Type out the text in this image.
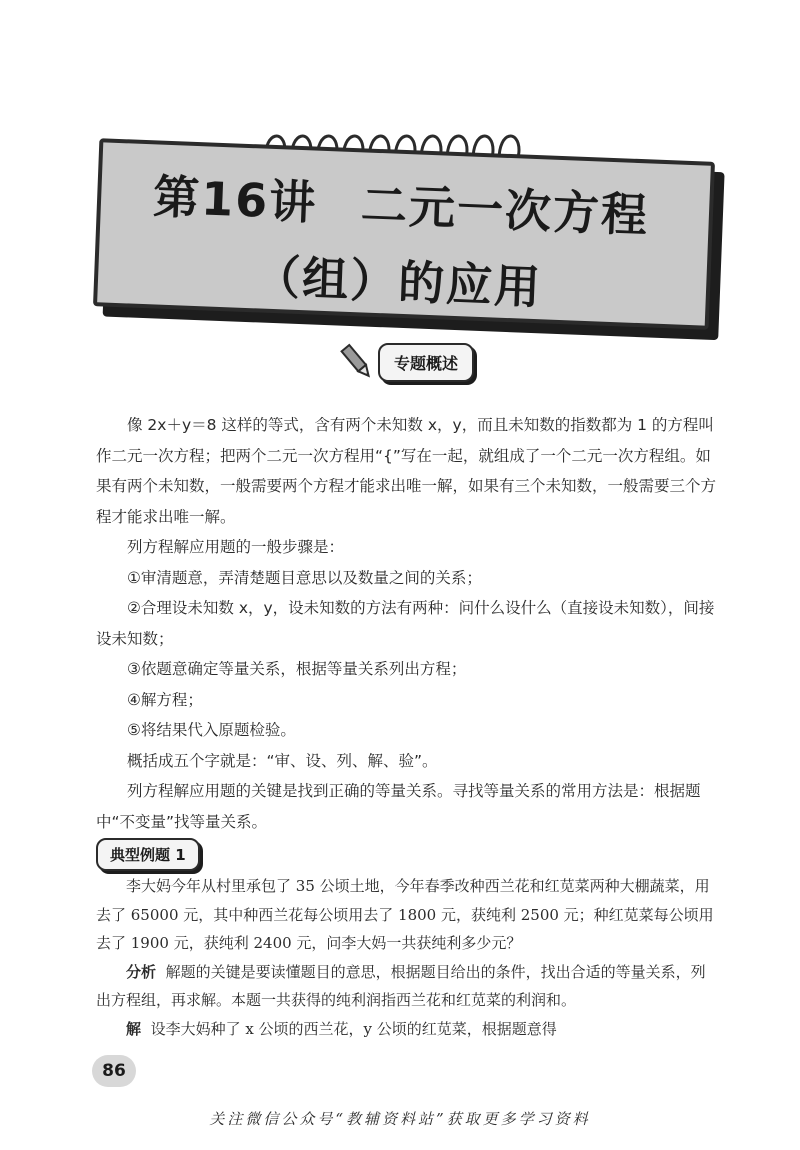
第16讲 二元一次方程
（组）的应用
专题概述

像 2x＋y＝8 这样的等式，含有两个未知数 x，y，而且未知数的指数都为 1 的方程叫作二元一次方程；把两个二元一次方程用“{”写在一起，就组成了一个二元一次方程组。如果有两个未知数，一般需要两个方程才能求出唯一解，如果有三个未知数，一般需要三个方程才能求出唯一解。

列方程解应用题的一般步骤是：

①审清题意，弄清楚题目意思以及数量之间的关系；

②合理设未知数 x，y，设未知数的方法有两种：问什么设什么（直接设未知数），间接设未知数；

③依题意确定等量关系，根据等量关系列出方程；

④解方程；

⑤将结果代入原题检验。

概括成五个字就是：“审、设、列、解、验”。

列方程解应用题的关键是找到正确的等量关系。寻找等量关系的常用方法是：根据题中“不变量”找等量关系。

典型例题 1

李大妈今年从村里承包了 35 公顷土地，今年春季改种西兰花和红苋菜两种大棚蔬菜，用去了 65000 元，其中种西兰花每公顷用去了 1800 元，获纯利 2500 元；种红苋菜每公顷用去了 1900 元，获纯利 2400 元，问李大妈一共获纯利多少元？

分析 解题的关键是要读懂题目的意思，根据题目给出的条件，找出合适的等量关系，列出方程组，再求解。本题一共获得的纯利润指西兰花和红苋菜的利润和。

解 设李大妈种了 x 公顷的西兰花，y 公顷的红苋菜，根据题意得

86
关注微信公众号“教辅资料站”获取更多学习资料
